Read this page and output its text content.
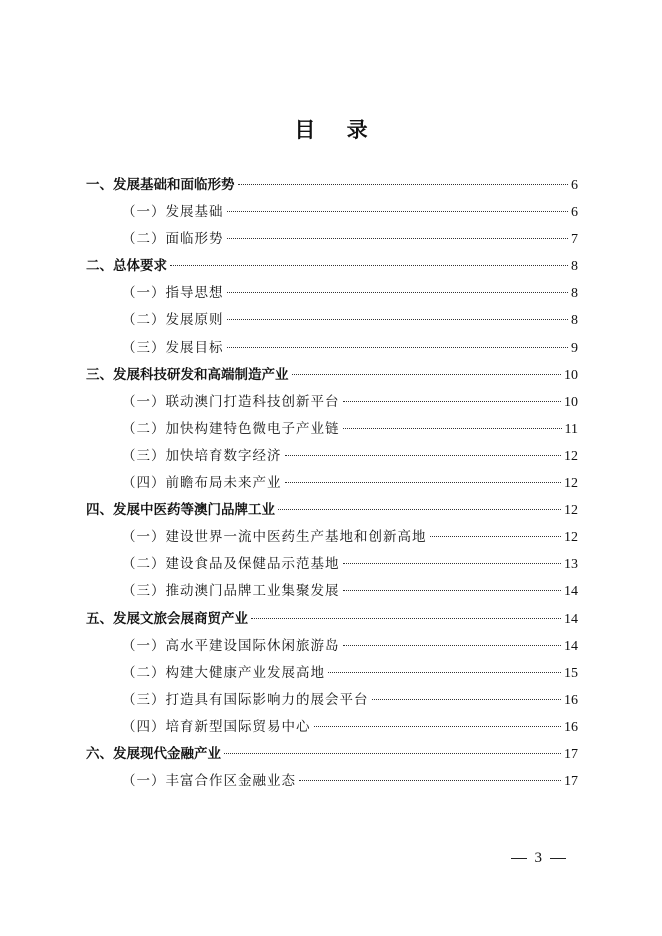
目 录
一、发展基础和面临形势	6
（一）发展基础	6
（二）面临形势	7
二、总体要求	8
（一）指导思想	8
（二）发展原则	8
（三）发展目标	9
三、发展科技研发和高端制造产业	10
（一）联动澳门打造科技创新平台	10
（二）加快构建特色微电子产业链	11
（三）加快培育数字经济	12
（四）前瞻布局未来产业	12
四、发展中医药等澳门品牌工业	12
（一）建设世界一流中医药生产基地和创新高地	12
（二）建设食品及保健品示范基地	13
（三）推动澳门品牌工业集聚发展	14
五、发展文旅会展商贸产业	14
（一）高水平建设国际休闲旅游岛	14
（二）构建大健康产业发展高地	15
（三）打造具有国际影响力的展会平台	16
（四）培育新型国际贸易中心	16
六、发展现代金融产业	17
（一）丰富合作区金融业态	17
3
